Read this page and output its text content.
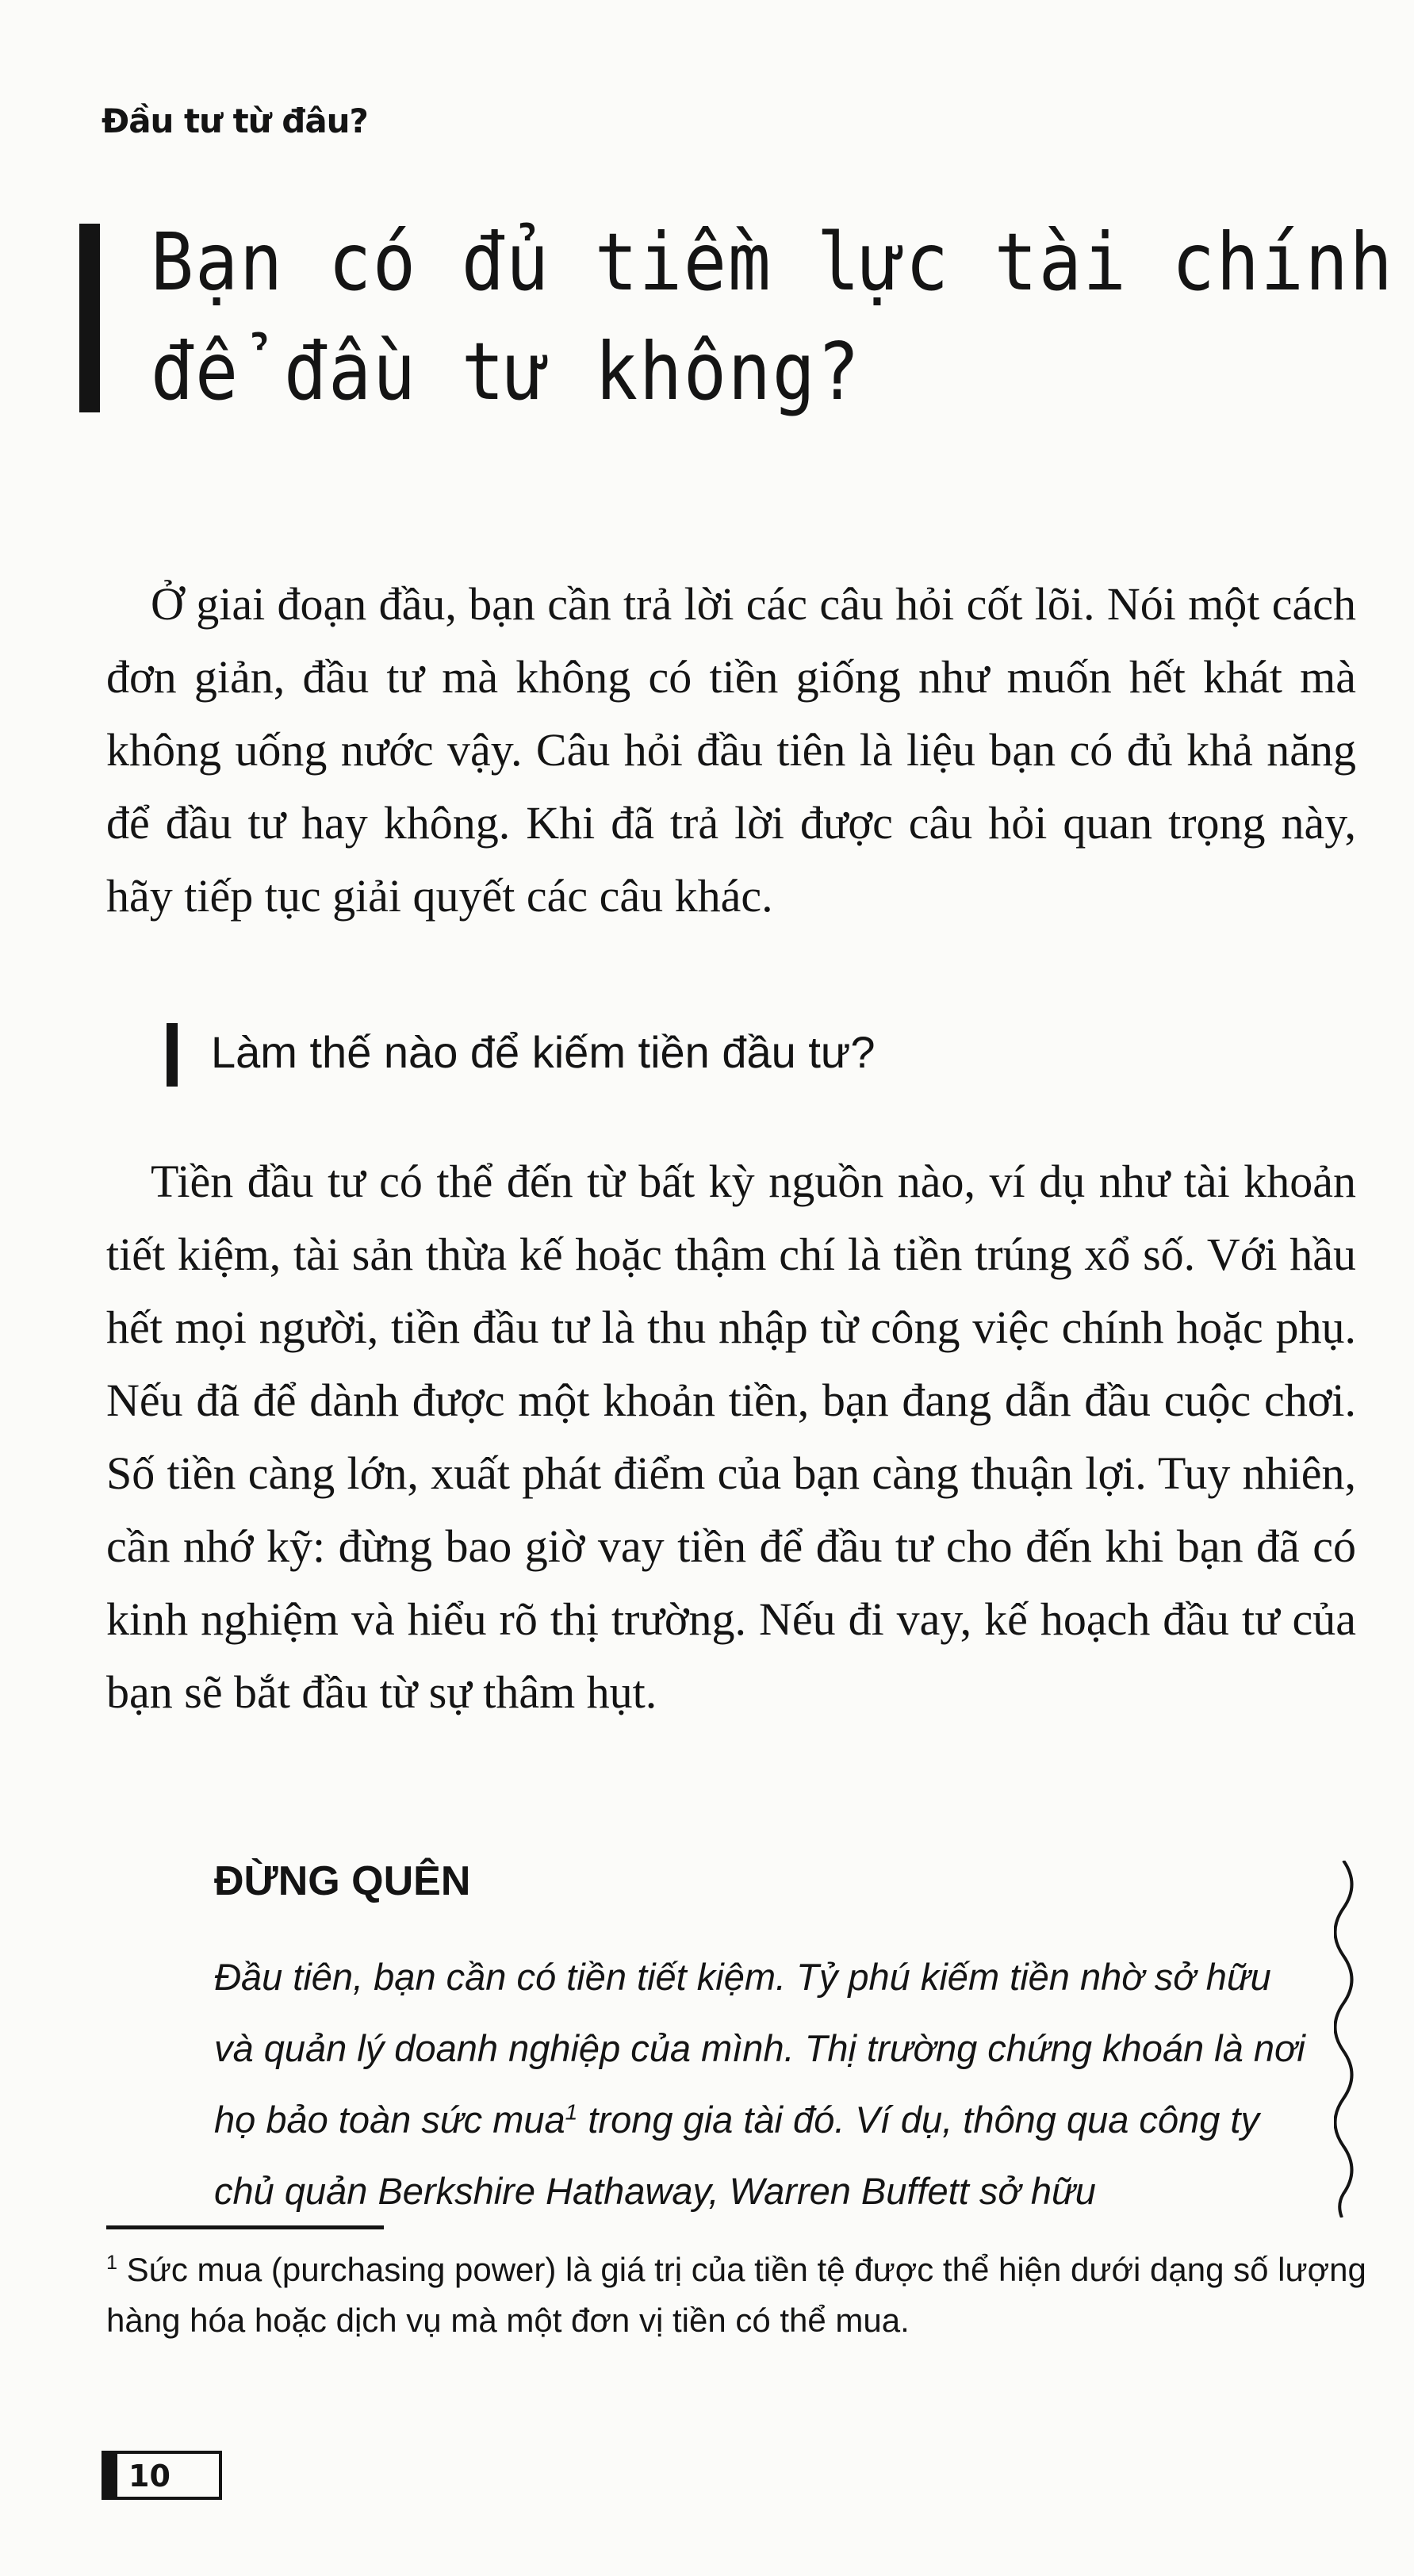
Đầu tư từ đâu?
Bạn có đủ tiềm lực tài chính
để đầu tư không?

Ở giai đoạn đầu, bạn cần trả lời các câu hỏi cốt lõi. Nói một cách đơn giản, đầu tư mà không có tiền giống như muốn hết khát mà không uống nước vậy. Câu hỏi đầu tiên là liệu bạn có đủ khả năng để đầu tư hay không. Khi đã trả lời được câu hỏi quan trọng này, hãy tiếp tục giải quyết các câu khác.

Làm thế nào để kiếm tiền đầu tư?

Tiền đầu tư có thể đến từ bất kỳ nguồn nào, ví dụ như tài khoản tiết kiệm, tài sản thừa kế hoặc thậm chí là tiền trúng xổ số. Với hầu hết mọi người, tiền đầu tư là thu nhập từ công việc chính hoặc phụ. Nếu đã để dành được một khoản tiền, bạn đang dẫn đầu cuộc chơi. Số tiền càng lớn, xuất phát điểm của bạn càng thuận lợi. Tuy nhiên, cần nhớ kỹ: đừng bao giờ vay tiền để đầu tư cho đến khi bạn đã có kinh nghiệm và hiểu rõ thị trường. Nếu đi vay, kế hoạch đầu tư của bạn sẽ bắt đầu từ sự thâm hụt.

ĐỪNG QUÊN

Đầu tiên, bạn cần có tiền tiết kiệm. Tỷ phú kiếm tiền nhờ sở hữu và quản lý doanh nghiệp của mình. Thị trường chứng khoán là nơi họ bảo toàn sức mua$^1$ trong gia tài đó. Ví dụ, thông qua công ty chủ quản Berkshire Hathaway, Warren Buffett sở hữu

$^1$ Sức mua (purchasing power) là giá trị của tiền tệ được thể hiện dưới dạng số lượng hàng hóa hoặc dịch vụ mà một đơn vị tiền có thể mua.

10
